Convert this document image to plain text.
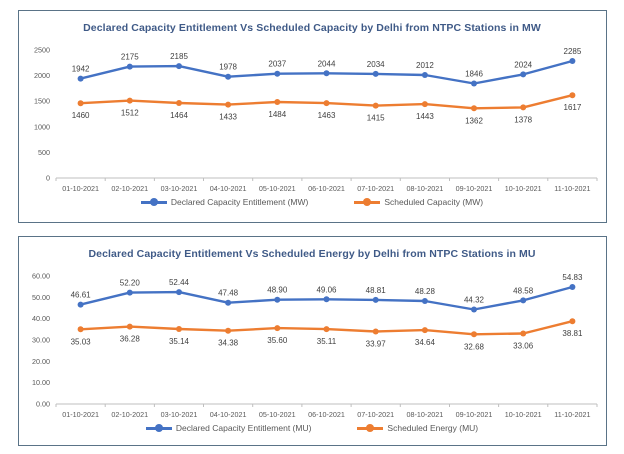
Declared Capacity Entitlement Vs Scheduled Capacity by Delhi from NTPC Stations in MW
0
500
1000
1500
2000
2500
01-10-2021 02-10-2021 03-10-2021 04-10-2021 05-10-2021 06-10-2021 07-10-2021 08-10-2021 09-10-2021 10-10-2021 11-10-2021
1942
2175	2185
1978	2037	2044	2034	2012
1846
2024
2285
1460	1512	1464	1433	1484	1463	1415	1443	1362	1378
1617
Declared Capacity Entitlement (MW)	Scheduled Capacity (MW)
Declared Capacity Entitlement Vs Scheduled Energy by Delhi from NTPC Stations in MU
0.00
10.00
20.00
30.00
40.00
50.00
60.00
01-10-2021 02-10-2021 03-10-2021 04-10-2021 05-10-2021 06-10-2021 07-10-2021 08-10-2021 09-10-2021 10-10-2021 11-10-2021
46.61
52.20	52.44
47.48	48.90	49.06	48.81	48.28
44.32
48.58
54.83
35.03	36.28	35.14	34.38	35.60	35.11	33.97	34.64	32.68	33.06
38.81
Declared Capacity Entitlement (MU)	Scheduled Energy (MU)
